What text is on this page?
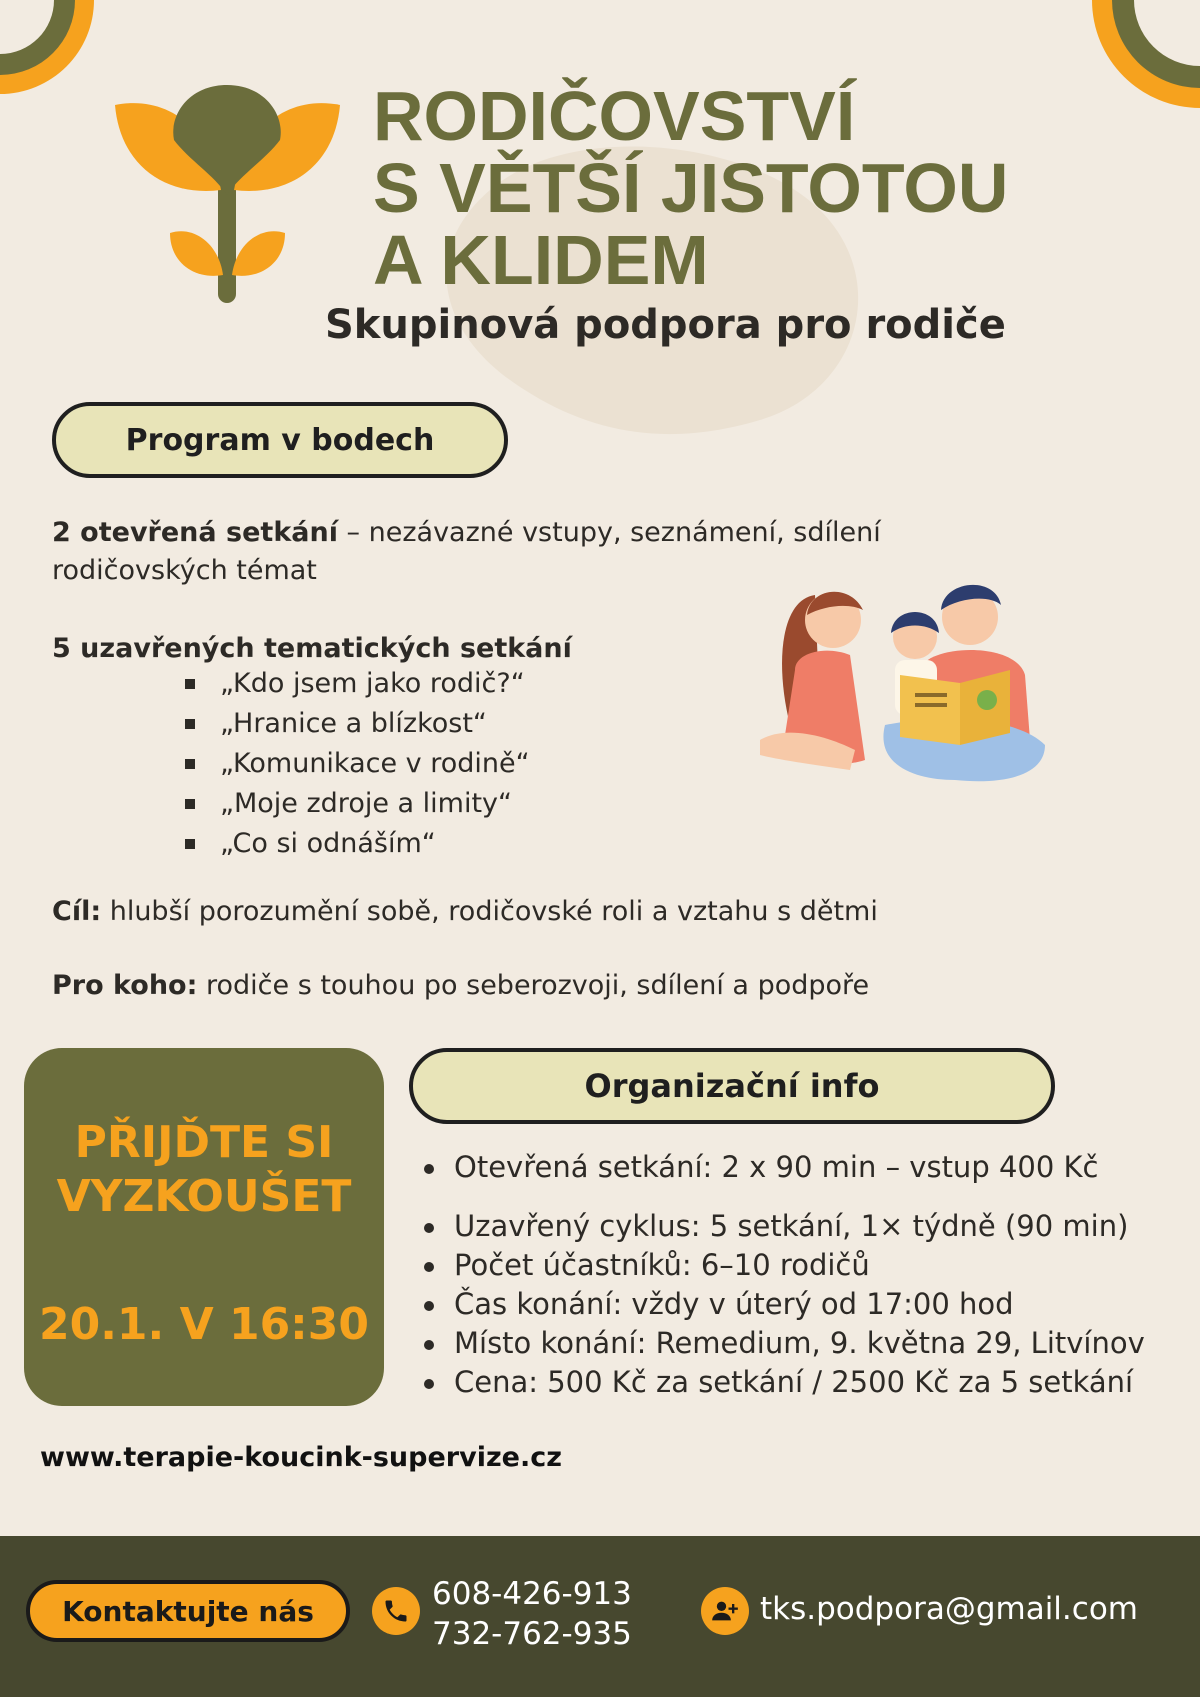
RODIČOVSTVÍ
S VĚTŠÍ JISTOTOU
A KLIDEM
Skupinová podpora pro rodiče
Program v bodech
2 otevřená setkání – nezávazné vstupy, seznámení, sdílení rodičovských témat
5 uzavřených tematických setkání
„Kdo jsem jako rodič?“
„Hranice a blízkost“
„Komunikace v rodině“
„Moje zdroje a limity“
„Co si odnáším“
Cíl: hlubší porozumění sobě, rodičovské roli a vztahu s dětmi
Pro koho: rodiče s touhou po seberozvoji, sdílení a podpoře
PŘIJĎTE SI
VYZKOUŠET
20.1. V 16:30
Organizační info
Otevřená setkání: 2 x 90 min – vstup 400 Kč
Uzavřený cyklus: 5 setkání, 1× týdně (90 min)
Počet účastníků: 6–10 rodičů
Čas konání: vždy v úterý od 17:00 hod
Místo konání: Remedium, 9. května 29, Litvínov
Cena: 500 Kč za setkání / 2500 Kč za 5 setkání
www.terapie-koucink-supervize.cz
Kontaktujte nás	608-426-913
732-762-935
tks.podpora@gmail.com
